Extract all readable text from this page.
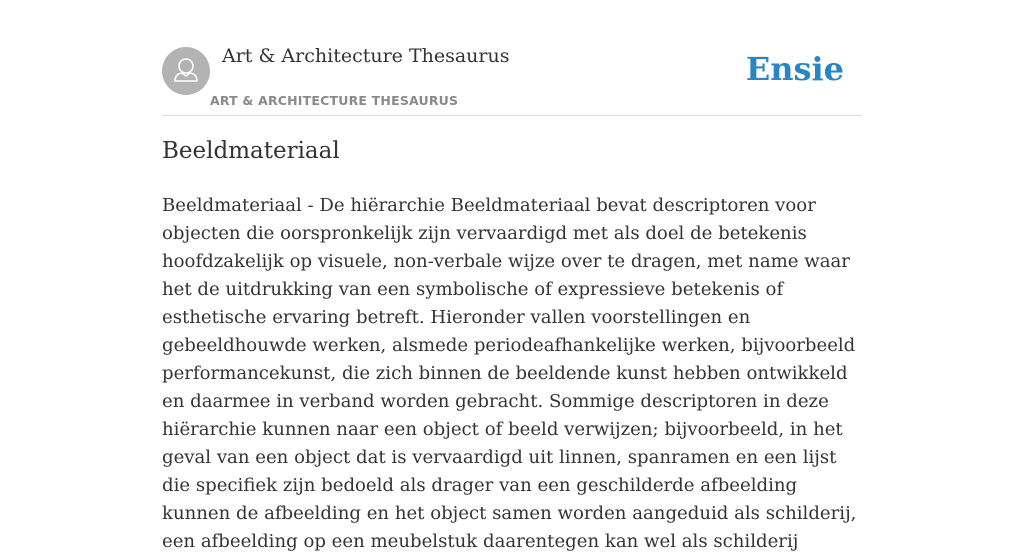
Art & Architecture Thesaurus
ART & ARCHITECTURE THESAURUS
Ensie
Beeldmateriaal

Beeldmateriaal - De hiërarchie Beeldmateriaal bevat descriptoren voor objecten die oorspronkelijk zijn vervaardigd met als doel de betekenis hoofdzakelijk op visuele, non-verbale wijze over te dragen, met name waar het de uitdrukking van een symbolische of expressieve betekenis of esthetische ervaring betreft. Hieronder vallen voorstellingen en gebeeldhouwde werken, alsmede periodeafhankelijke werken, bijvoorbeeld performancekunst, die zich binnen de beeldende kunst hebben ontwikkeld en daarmee in verband worden gebracht. Sommige descriptoren in deze hiërarchie kunnen naar een object of beeld verwijzen; bijvoorbeeld, in het geval van een object dat is vervaardigd uit linnen, spanramen en een lijst die specifiek zijn bedoeld als drager van een geschilderde afbeelding kunnen de afbeelding en het object samen worden aangeduid als schilderij, een afbeelding op een meubelstuk daarentegen kan wel als schilderij
